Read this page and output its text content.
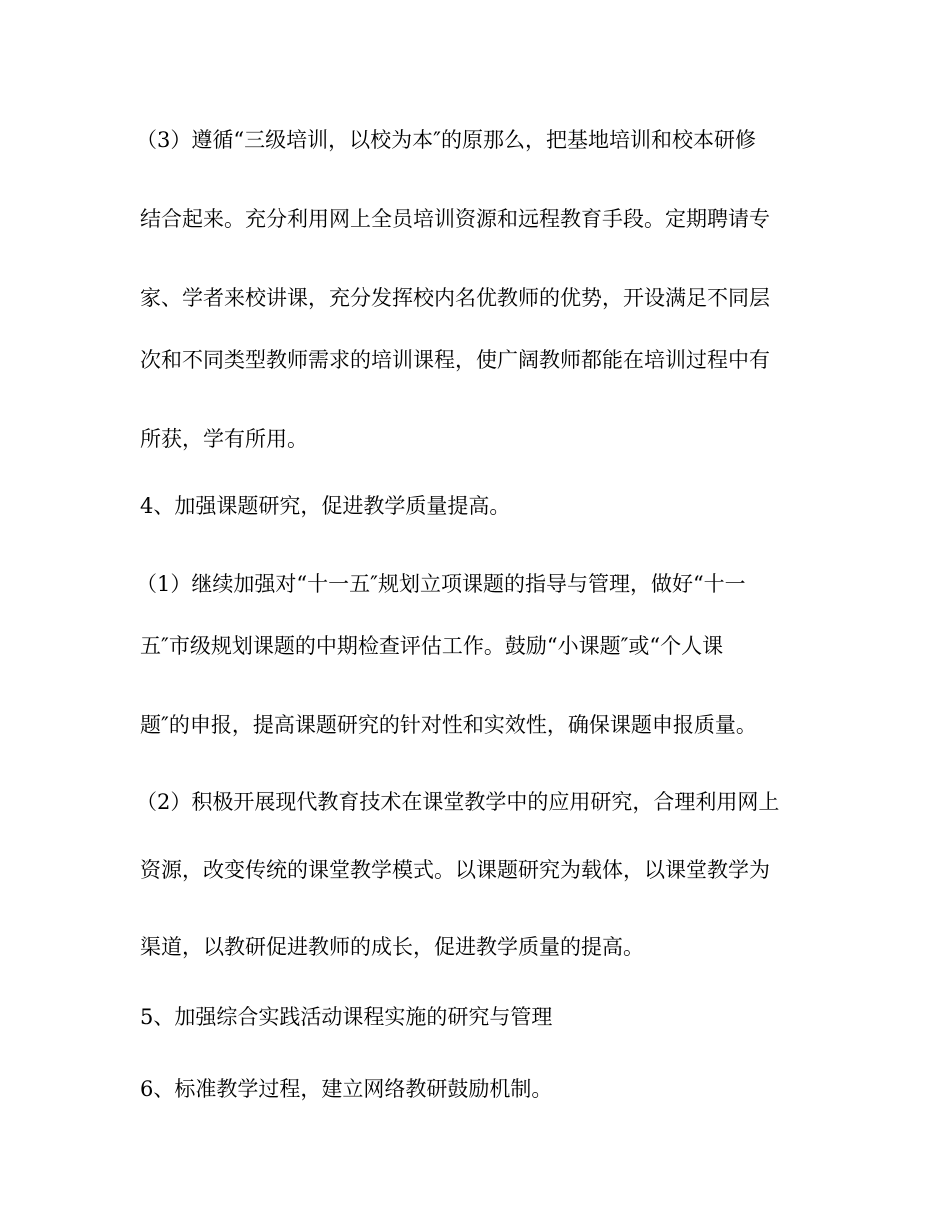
（3）遵循“三级培训，以校为本″的原那么，把基地培训和校本研修
结合起来。充分利用网上全员培训资源和远程教育手段。定期聘请专
家、学者来校讲课，充分发挥校内名优教师的优势，开设满足不同层
次和不同类型教师需求的培训课程，使广阔教师都能在培训过程中有
所获，学有所用。
4、加强课题研究，促进教学质量提高。
（1）继续加强对“十一五″规划立项课题的指导与管理，做好“十一
五″市级规划课题的中期检查评估工作。鼓励“小课题″或“个人课
题″的申报，提高课题研究的针对性和实效性，确保课题申报质量。
（2）积极开展现代教育技术在课堂教学中的应用研究，合理利用网上
资源，改变传统的课堂教学模式。以课题研究为载体，以课堂教学为
渠道，以教研促进教师的成长，促进教学质量的提高。
5、加强综合实践活动课程实施的研究与管理
6、标准教学过程，建立网络教研鼓励机制。
